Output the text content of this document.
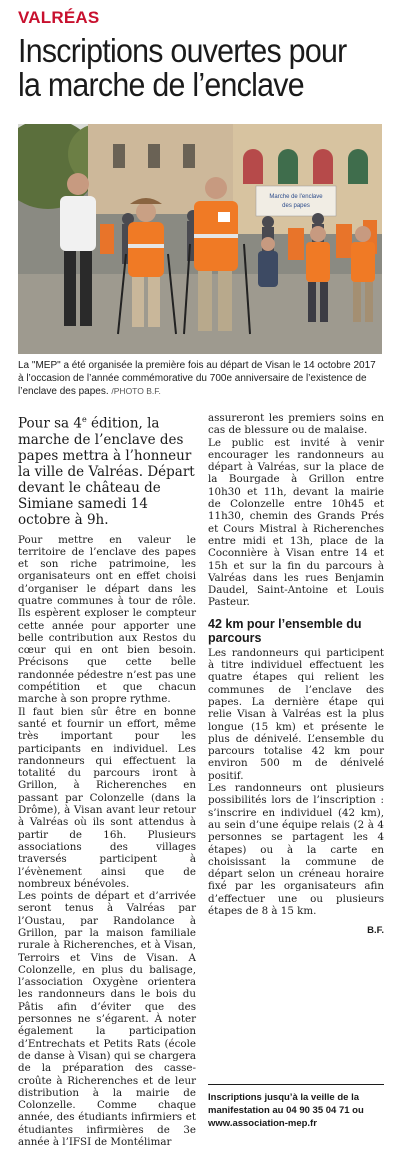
VALRÉAS
Inscriptions ouvertes pour
la marche de l’enclave
Marche de l'enclave
des papes
La "MEP" a été organisée la première fois au départ de Visan le 14 octobre 2017 à l’occasion de l’année commémorative du 700e anniversaire de l’existence de l’enclave des papes. /PHOTO B.F.

Pour sa 4e édition, la marche de l’enclave des papes mettra à l’honneur la ville de Valréas. Départ devant le château de Simiane samedi 14 octobre à 9h.

Pour mettre en valeur le territoire de l’enclave des papes et son riche patrimoine, les organisateurs ont en effet choisi d’organiser le départ dans les quatre communes à tour de rôle. Ils espèrent exploser le compteur cette année pour apporter une belle contribution aux Restos du cœur qui en ont bien besoin. Précisons que cette belle randonnée pédestre n’est pas une compétition et que chacun marche à son propre rythme.

Il faut bien sûr être en bonne santé et fournir un effort, même très important pour les participants en individuel. Les randonneurs qui effectuent la totalité du parcours iront à Grillon, à Richerenches en passant par Colonzelle (dans la Drôme), à Visan avant leur retour à Valréas où ils sont attendus à partir de 16h. Plusieurs associations des villages traversés participent à l’évènement ainsi que de nombreux bénévoles.

Les points de départ et d’arrivée seront tenus à Valréas par l’Oustau, par Randolance à Grillon, par la maison familiale rurale à Richerenches, et à Visan, Terroirs et Vins de Visan. A Colonzelle, en plus du balisage, l’association Oxygène orientera les randonneurs dans le bois du Pâtis afin d’éviter que des personnes ne s’égarent. À noter également la participation d’Entrechats et Petits Rats (école de danse à Visan) qui se chargera de la préparation des casse-croûte à Richerenches et de leur distribution à la mairie de Colonzelle. Comme chaque année, des étudiants infirmiers et étudiantes infirmières de 3e année à l’IFSI de Montélimar

assureront les premiers soins en cas de blessure ou de malaise.

Le public est invité à venir encourager les randonneurs au départ à Valréas, sur la place de la Bourgade à Grillon entre 10h30 et 11h, devant la mairie de Colonzelle entre 10h45 et 11h30, chemin des Grands Prés et Cours Mistral à Richerenches entre midi et 13h, place de la Coconnière à Visan entre 14 et 15h et sur la fin du parcours à Valréas dans les rues Benjamin Daudel, Saint-Antoine et Louis Pasteur.

42 km pour l’ensemble du parcours

Les randonneurs qui participent à titre individuel effectuent les quatre étapes qui relient les communes de l’enclave des papes. La dernière étape qui relie Visan à Valréas est la plus longue (15 km) et présente le plus de dénivelé. L’ensemble du parcours totalise 42 km pour environ 500 m de dénivelé positif.

Les randonneurs ont plusieurs possibilités lors de l’inscription : s’inscrire en individuel (42 km), au sein d’une équipe relais (2 à 4 personnes se partagent les 4 étapes) ou à la carte en choisissant la commune de départ selon un créneau horaire fixé par les organisateurs afin d’effectuer une ou plusieurs étapes de 8 à 15 km.

B.F.

Inscriptions jusqu’à la veille de la manifestation au 04 90 35 04 71 ou
www.association-mep.fr
